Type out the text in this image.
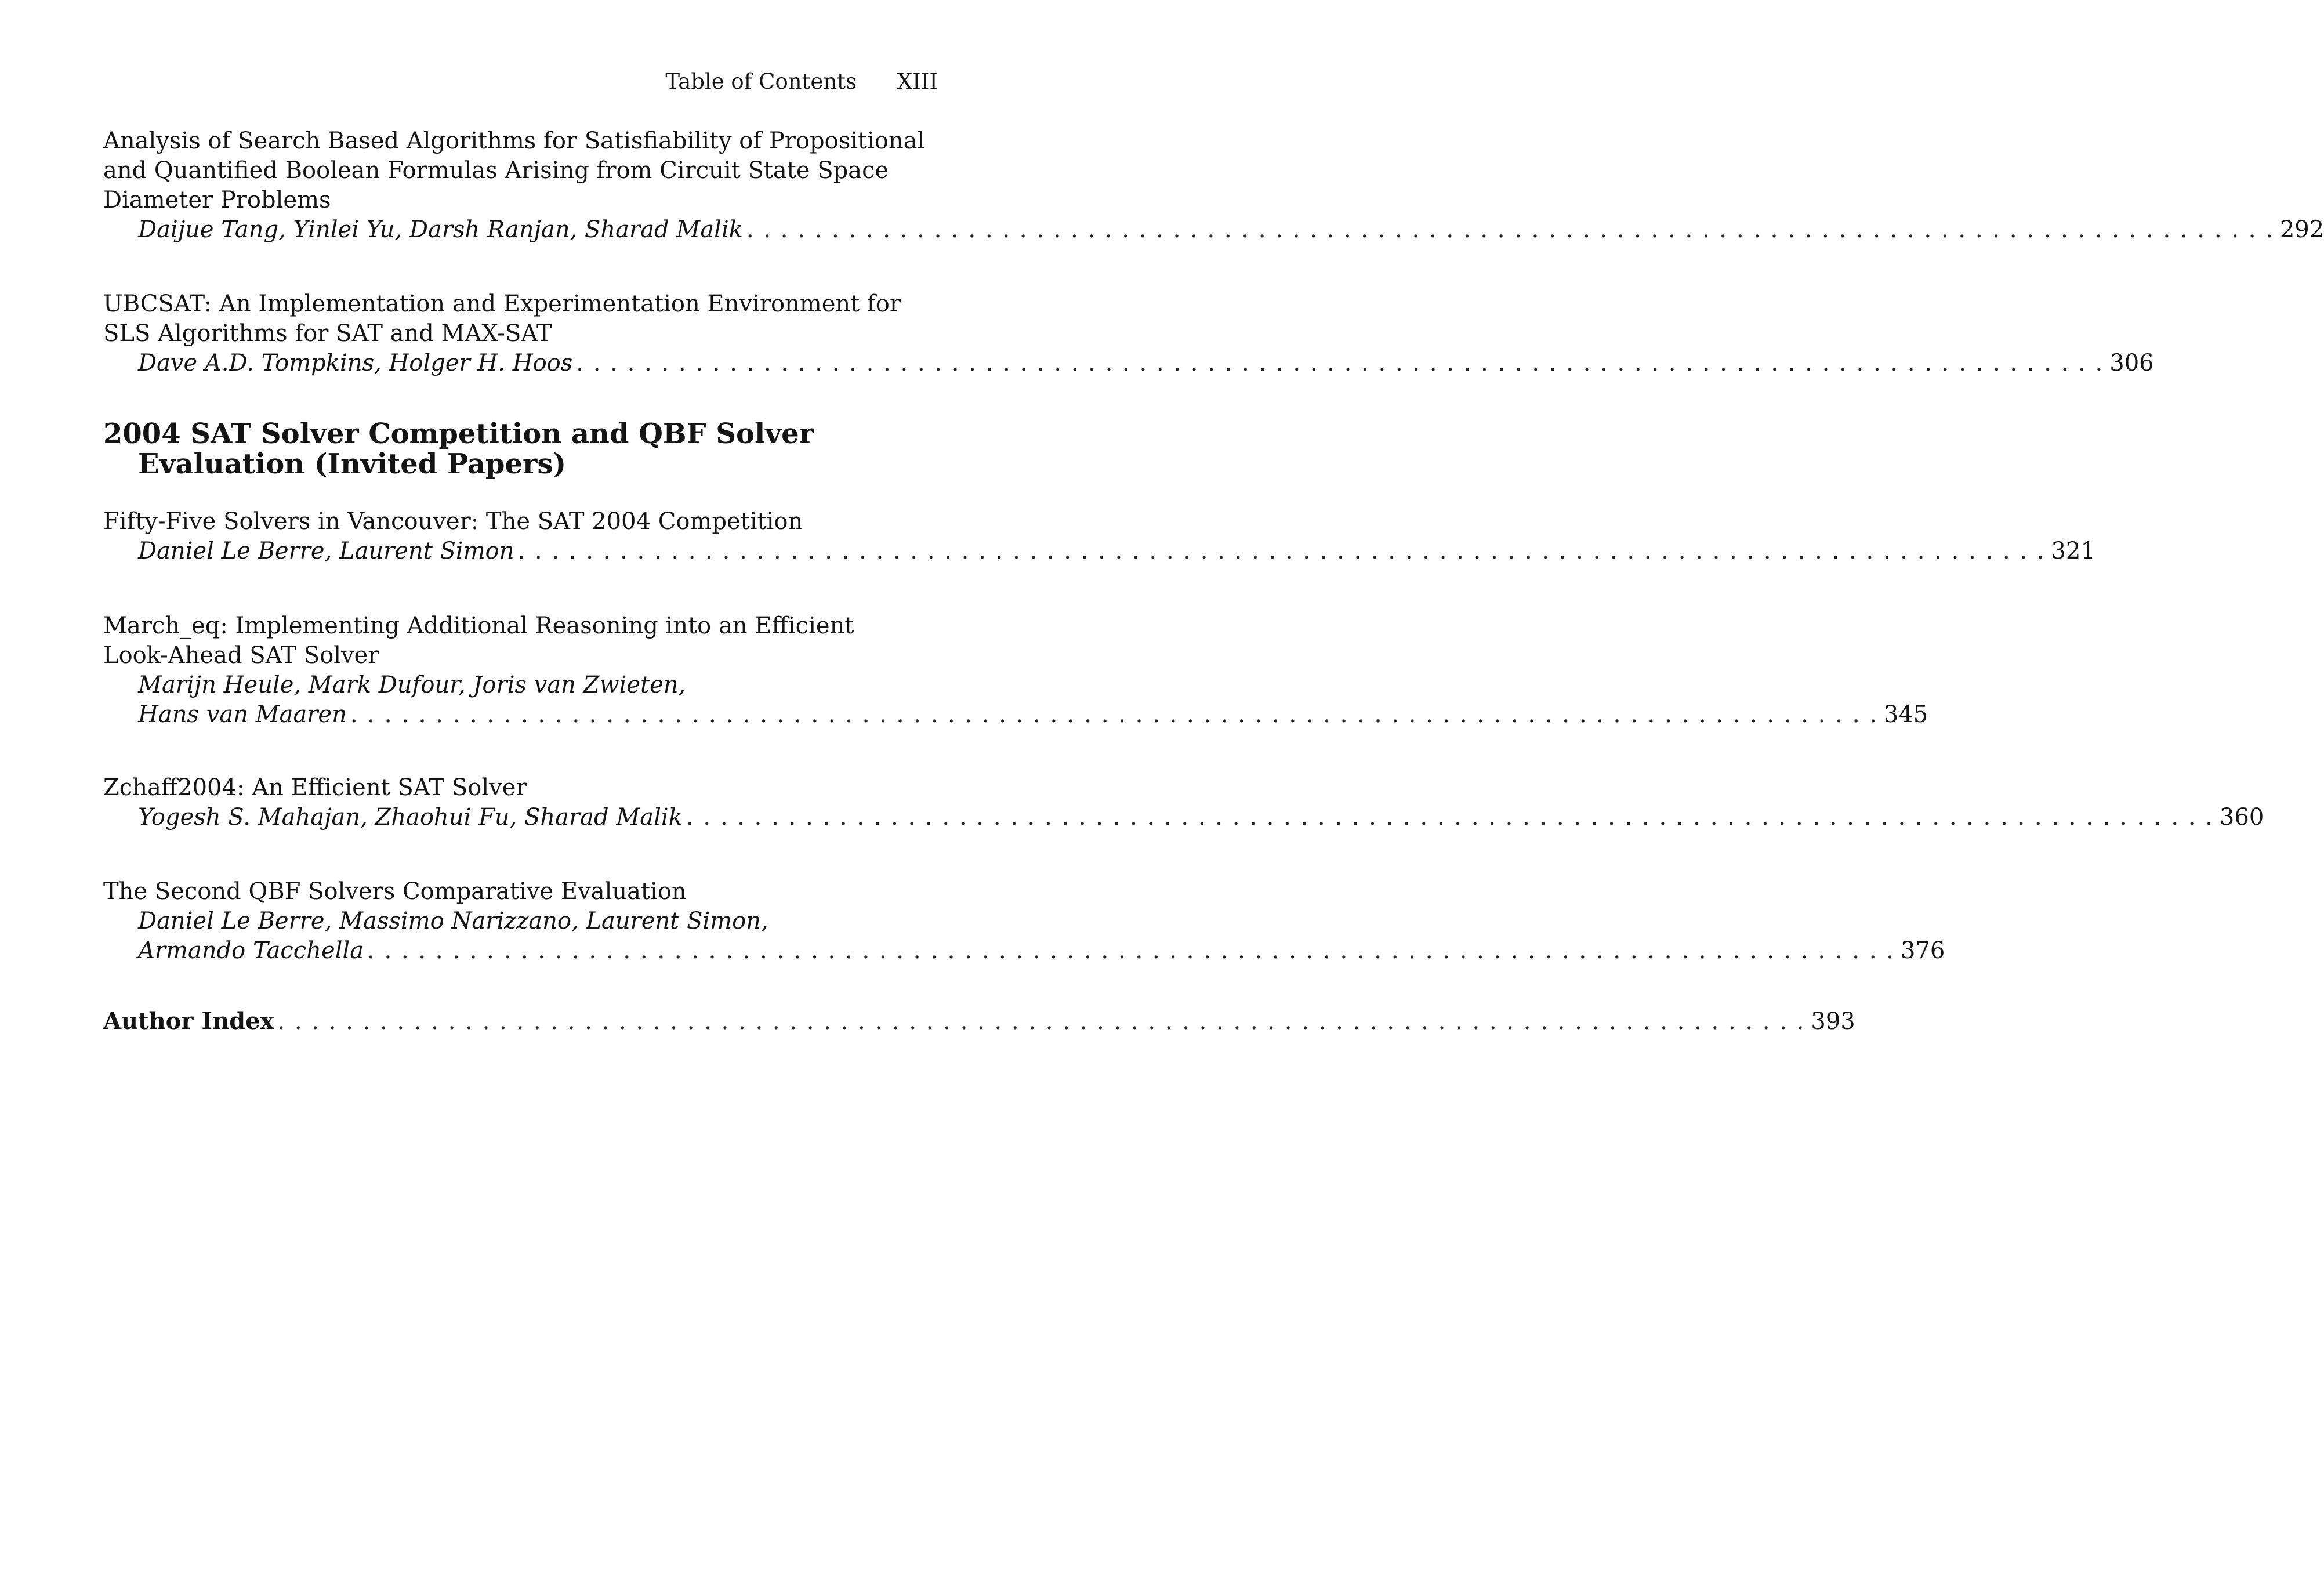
Table of Contents XIII
Analysis of Search Based Algorithms for Satisfiability of Propositional
and Quantified Boolean Formulas Arising from Circuit State Space
Diameter Problems
Daijue Tang, Yinlei Yu, Darsh Ranjan, Sharad Malik . . . . . . . . . . . . . . . . . . . . . . . . . . . . . . . . . . . . . . . . . . . . . . . . . . . . . . . . . . . . . . . . . . . . . . . . . . . . . . . . . . . . . . . . . . 292
UBCSAT: An Implementation and Experimentation Environment for
SLS Algorithms for SAT and MAX-SAT
Dave A.D. Tompkins, Holger H. Hoos . . . . . . . . . . . . . . . . . . . . . . . . . . . . . . . . . . . . . . . . . . . . . . . . . . . . . . . . . . . . . . . . . . . . . . . . . . . . . . . . . . . . . . . . . . 306
2004 SAT Solver Competition and QBF Solver
Evaluation (Invited Papers)
Fifty-Five Solvers in Vancouver: The SAT 2004 Competition
Daniel Le Berre, Laurent Simon . . . . . . . . . . . . . . . . . . . . . . . . . . . . . . . . . . . . . . . . . . . . . . . . . . . . . . . . . . . . . . . . . . . . . . . . . . . . . . . . . . . . . . . . . . 321
March_eq: Implementing Additional Reasoning into an Efficient
Look-Ahead SAT Solver
Marijn Heule, Mark Dufour, Joris van Zwieten,
Hans van Maaren . . . . . . . . . . . . . . . . . . . . . . . . . . . . . . . . . . . . . . . . . . . . . . . . . . . . . . . . . . . . . . . . . . . . . . . . . . . . . . . . . . . . . . . . . . 345
Zchaff2004: An Efficient SAT Solver
Yogesh S. Mahajan, Zhaohui Fu, Sharad Malik . . . . . . . . . . . . . . . . . . . . . . . . . . . . . . . . . . . . . . . . . . . . . . . . . . . . . . . . . . . . . . . . . . . . . . . . . . . . . . . . . . . . . . . . . . 360
The Second QBF Solvers Comparative Evaluation
Daniel Le Berre, Massimo Narizzano, Laurent Simon,
Armando Tacchella . . . . . . . . . . . . . . . . . . . . . . . . . . . . . . . . . . . . . . . . . . . . . . . . . . . . . . . . . . . . . . . . . . . . . . . . . . . . . . . . . . . . . . . . . . 376
Author Index . . . . . . . . . . . . . . . . . . . . . . . . . . . . . . . . . . . . . . . . . . . . . . . . . . . . . . . . . . . . . . . . . . . . . . . . . . . . . . . . . . . . . . . . . . 393
